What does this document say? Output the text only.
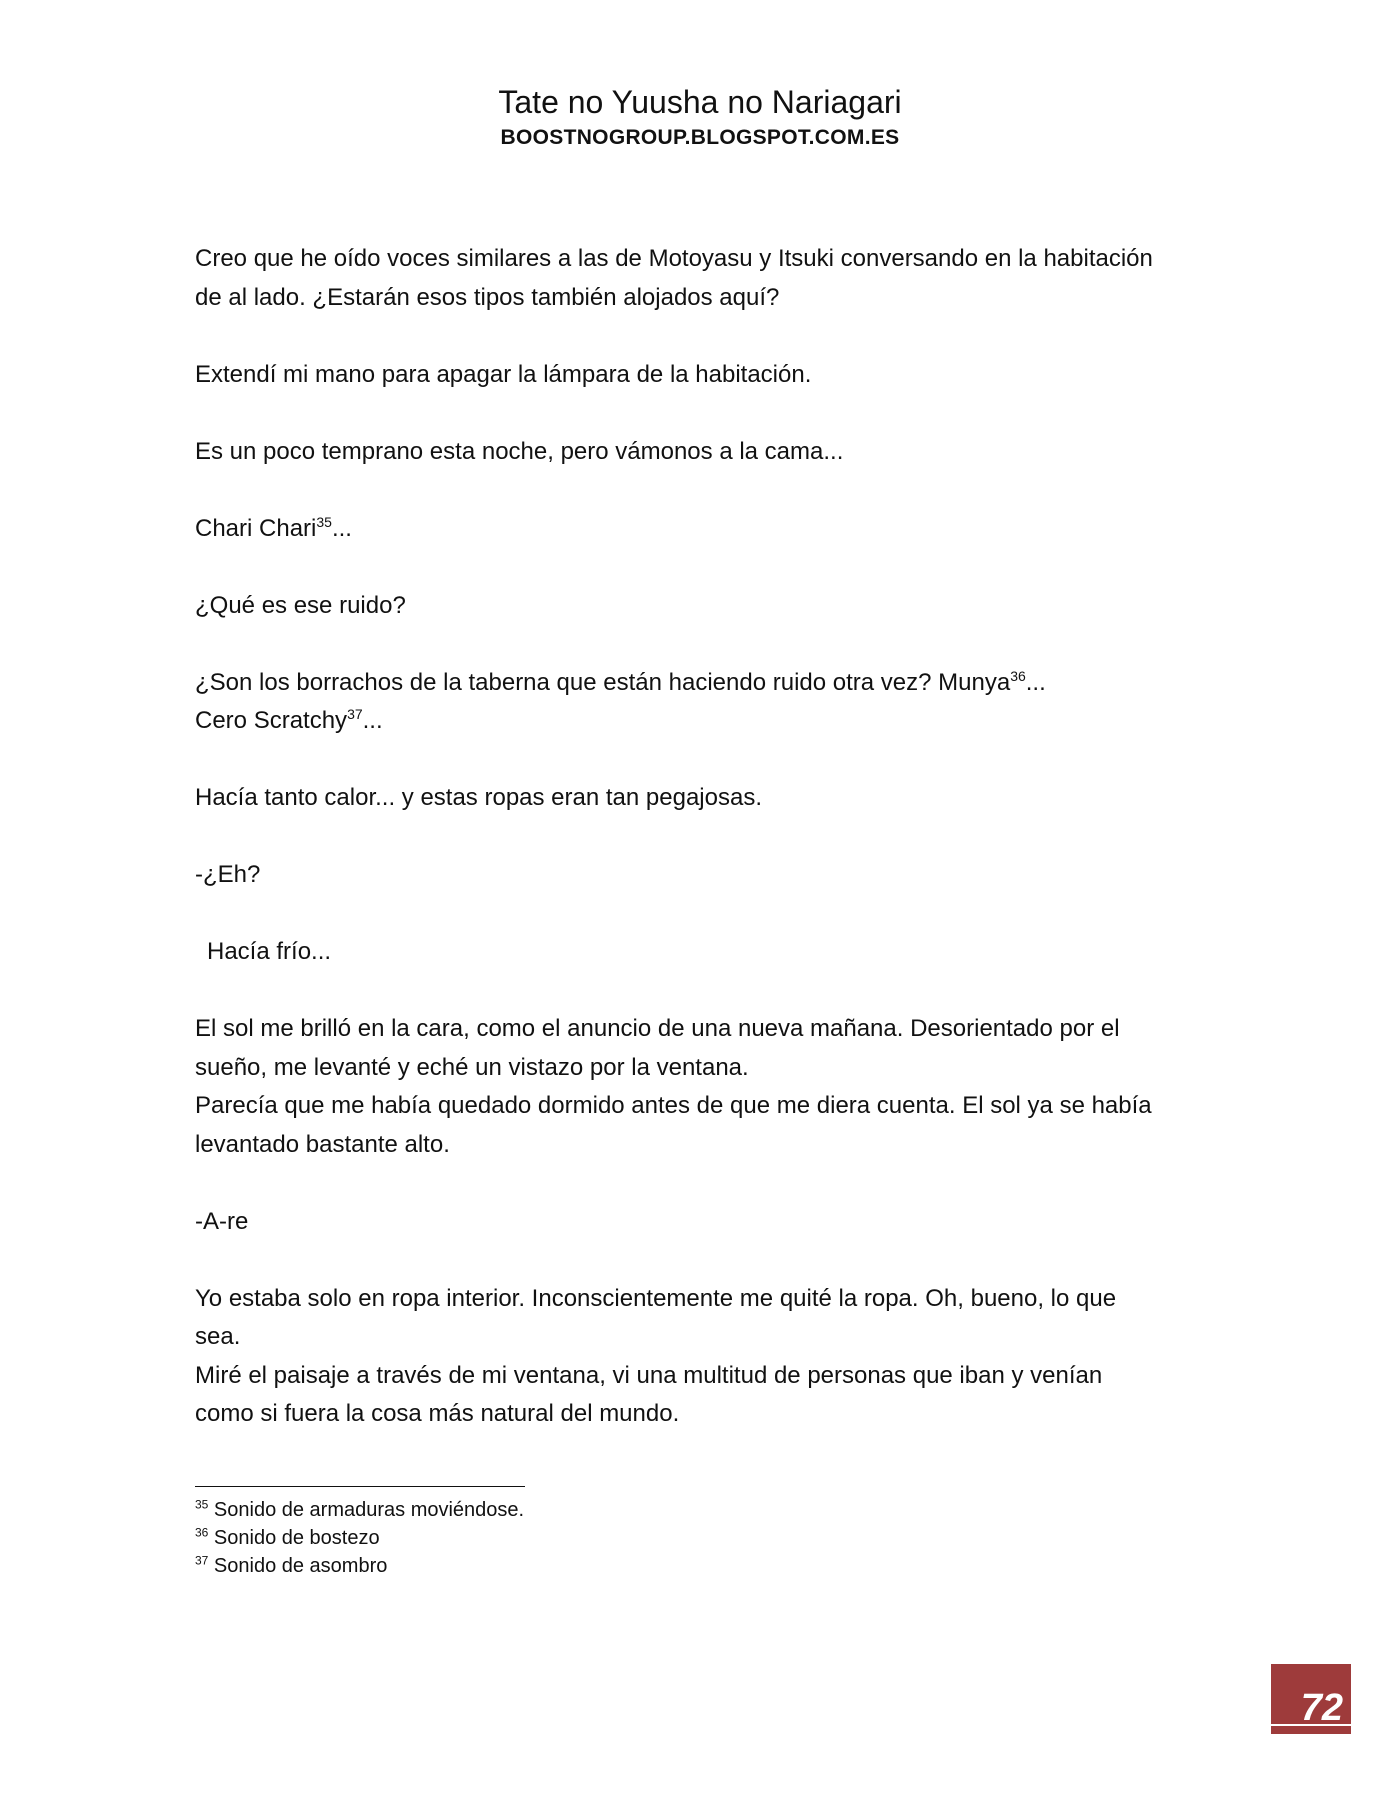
Tate no Yuusha no Nariagari
BOOSTNOGROUP.BLOGSPOT.COM.ES

Creo que he oído voces similares a las de Motoyasu y Itsuki conversando en la habitación
de al lado. ¿Estarán esos tipos también alojados aquí?

Extendí mi mano para apagar la lámpara de la habitación.

Es un poco temprano esta noche, pero vámonos a la cama...

Chari Chari$^{35}$...

¿Qué es ese ruido?

¿Son los borrachos de la taberna que están haciendo ruido otra vez? Munya$^{36}$...
Cero Scratchy$^{37}$...

Hacía tanto calor... y estas ropas eran tan pegajosas.

-¿Eh?

Hacía frío...

El sol me brilló en la cara, como el anuncio de una nueva mañana. Desorientado por el
sueño, me levanté y eché un vistazo por la ventana.
Parecía que me había quedado dormido antes de que me diera cuenta. El sol ya se había
levantado bastante alto.

-A-re

Yo estaba solo en ropa interior. Inconscientemente me quité la ropa. Oh, bueno, lo que
sea.
Miré el paisaje a través de mi ventana, vi una multitud de personas que iban y venían
como si fuera la cosa más natural del mundo.

$^{35}$ Sonido de armaduras moviéndose.
$^{36}$ Sonido de bostezo
$^{37}$ Sonido de asombro
72
